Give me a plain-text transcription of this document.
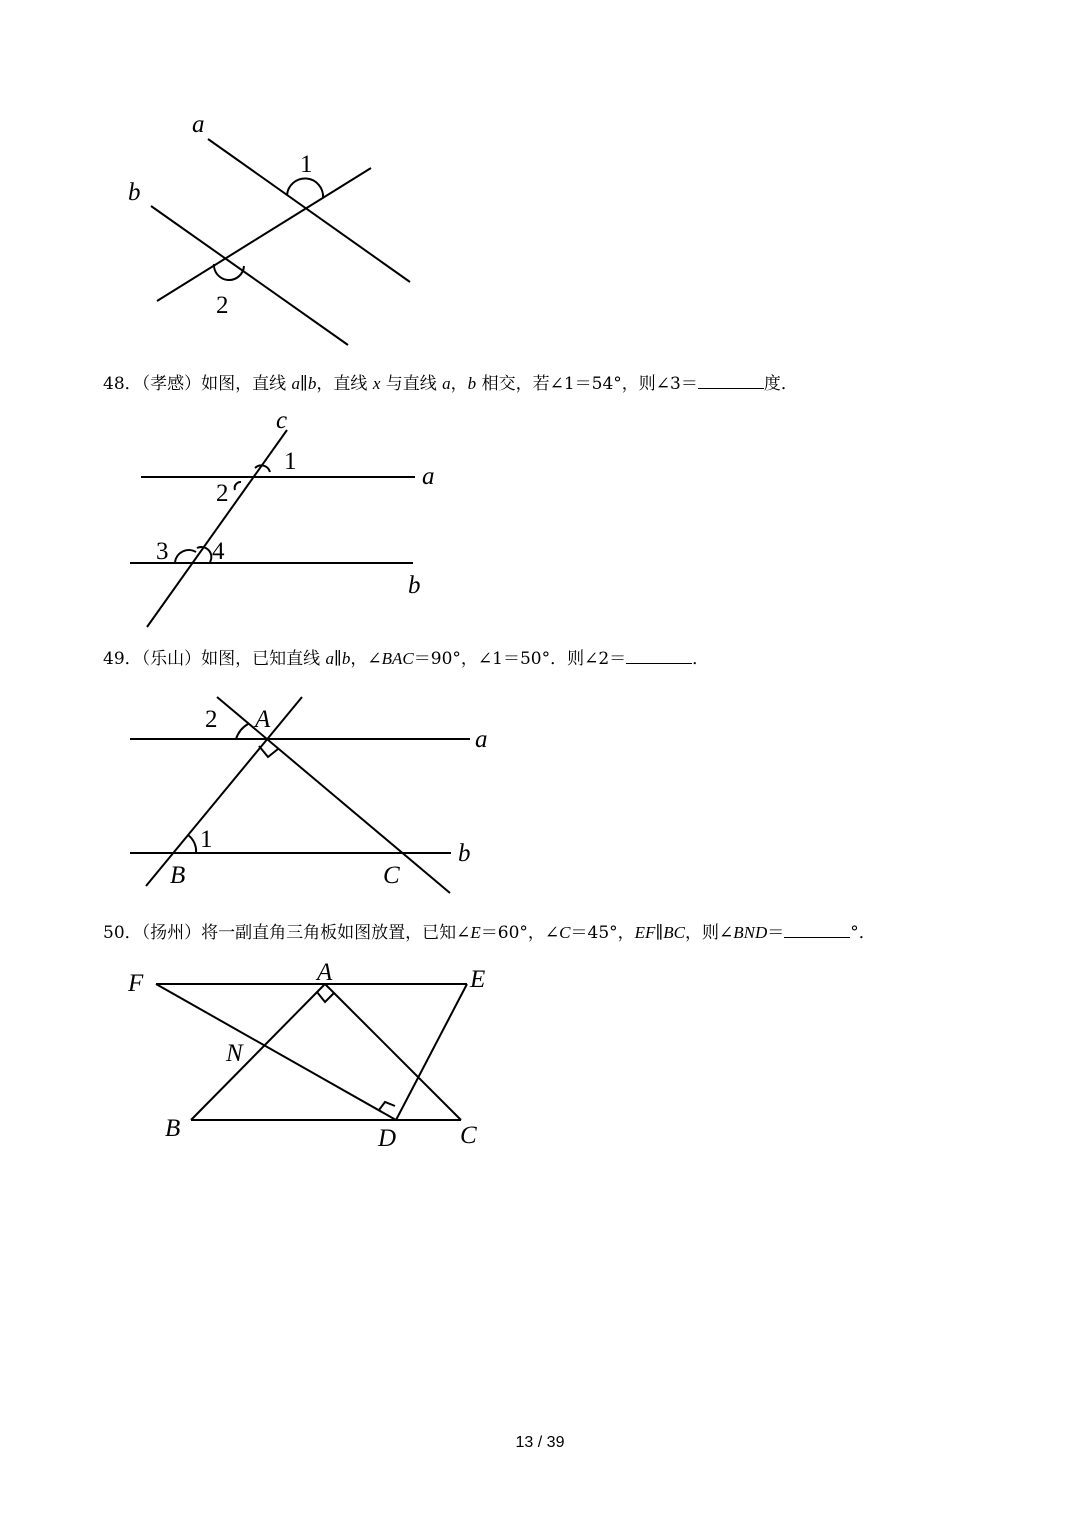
a
b
1
2
c
a
b
1
2
3 4
A
B	C
a
b
1
2
F	A	E
N
B	D	C
48．（孝感）如图，直线 a∥b，直线 x 与直线 a，b 相交，若∠1＝54°，则∠3＝	度．
49．（乐山）如图，已知直线 a∥b，∠BAC＝90°，∠1＝50°．则∠2＝	．
50．（扬州）将一副直角三角板如图放置，已知∠E＝60°，∠C＝45°，EF∥BC，则∠BND＝	°．
13 / 39
